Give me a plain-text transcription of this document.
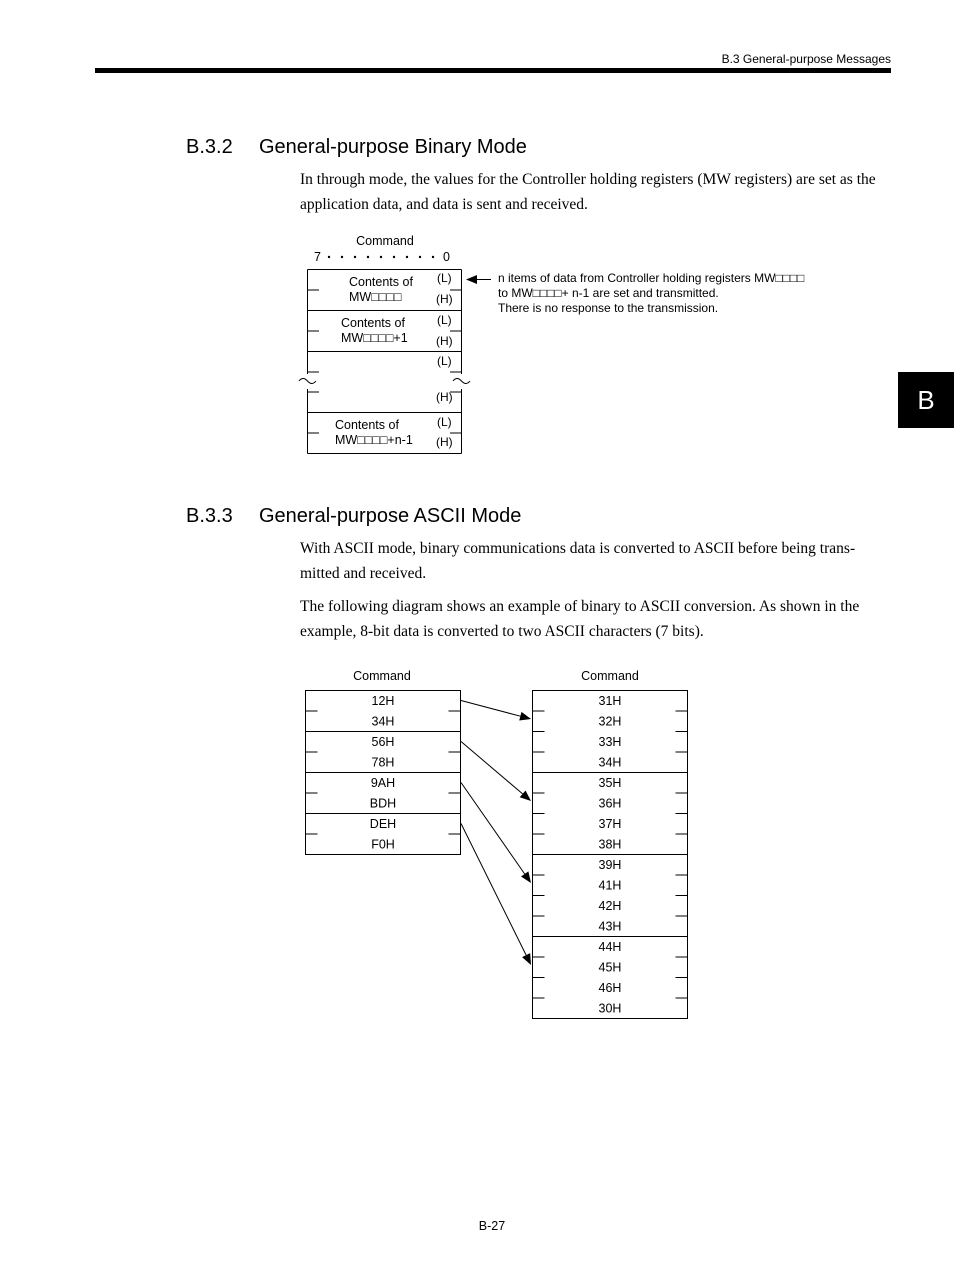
B.3 General-purpose Messages
B
B.3.2 General-purpose Binary Mode
In through mode, the values for the Controller holding registers (MW registers) are set as the application data, and data is sent and received.
Command
7	0
Contents of
MW□□□□
(L)
(H)
Contents of
MW□□□□+1
(L)
(H)
(L)
(H)
Contents of
MW□□□□+n-1
(L)
(H)
n items of data from Controller holding registers MW□□□□
to MW□□□□+ n-1 are set and transmitted.
There is no response to the transmission.
B.3.3 General-purpose ASCII Mode
With ASCII mode, binary communications data is converted to ASCII before being trans-
mitted and received.
The following diagram shows an example of binary to ASCII conversion. As shown in the example, 8-bit data is converted to two ASCII characters (7 bits).
Command	Command
12H
34H
56H
78H
9AH
BDH
DEH
F0H
31H
32H
33H
34H
35H
36H
37H
38H
39H
41H
42H
43H
44H
45H
46H
30H
B-27
